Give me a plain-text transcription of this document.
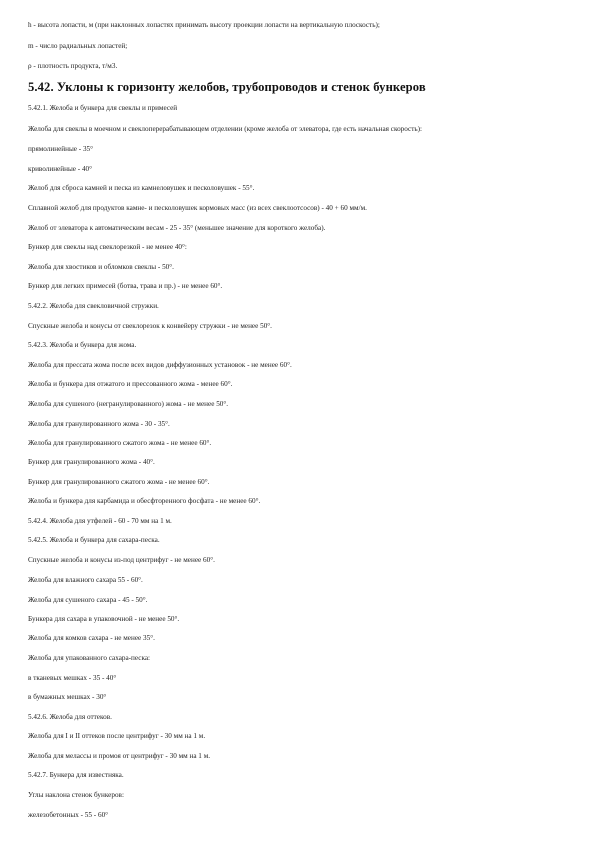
h - высота лопасти, м (при наклонных лопастях принимать высоту проекции лопасти на вертикальную плоскость);
m - число радиальных лопастей;
ρ - плотность продукта, т/м3.
5.42. Уклоны к горизонту желобов, трубопроводов и стенок бункеров
5.42.1. Желоба и бункера для свеклы и примесей
Желоба для свеклы в моечном и свеклоперерабатывающем отделении (кроме желоба от элеватора, где есть начальная скорость):
прямолинейные - 35°
криволинейные - 40°
Желоб для сброса камней и песка из камнеловушек и песколовушек - 55°.
Сплавной желоб для продуктов камне- и песколовушек кормовых масс (из всех свеклоотсосов) - 40 + 60 мм/м.
Желоб от элеватора к автоматическим весам - 25 - 35° (меньшее значение для короткого желоба).
Бункер для свеклы над свеклорезкой - не менее 40°:
Желоба для хвостиков и обломков свеклы - 50°.
Бункер для легких примесей (ботва, трава и пр.) - не менее 60°.
5.42.2. Желоба для свекловичной стружки.
Спускные желоба и конусы от свеклорезок к конвейеру стружки - не менее 50°.
5.42.3. Желоба и бункера для жома.
Желоба для прессата жома после всех видов диффузионных установок - не менее 60°.
Желоба и бункера для отжатого и прессованного жома - менее 60°.
Желоба для сушеного (негранулированного) жома - не менее 50°.
Желоба для гранулированного жома - 30 - 35°.
Желоба для гранулированного сжатого жома - не менее 60°.
Бункер для гранулированного жома - 40°.
Бункер для гранулированного сжатого жома - не менее 60°.
Желоба и бункера для карбамида и обесфторенного фосфата - не менее 60°.
5.42.4. Желоба для утфелей - 60 - 70 мм на 1 м.
5.42.5. Желоба и бункера для сахара-песка.
Спускные желоба и конусы из-под центрифуг - не менее 60°.
Желоба для влажного сахара 55 - 60°.
Желоба для сушеного сахара - 45 - 50°.
Бункера для сахара в упаковочной - не менее 50°.
Желоба для комков сахара - не менее 35°.
Желоба для упакованного сахара-песка:
в тканевых мешках - 35 - 40°
в бумажных мешках - 30°
5.42.6. Желоба для оттеков.
Желоба для I и II оттеков после центрифуг - 30 мм на 1 м.
Желоба для мелассы и промоя от центрифуг - 30 мм на 1 м.
5.42.7. Бункера для известняка.
Углы наклона стенок бункеров:
железобетонных - 55 - 60°
